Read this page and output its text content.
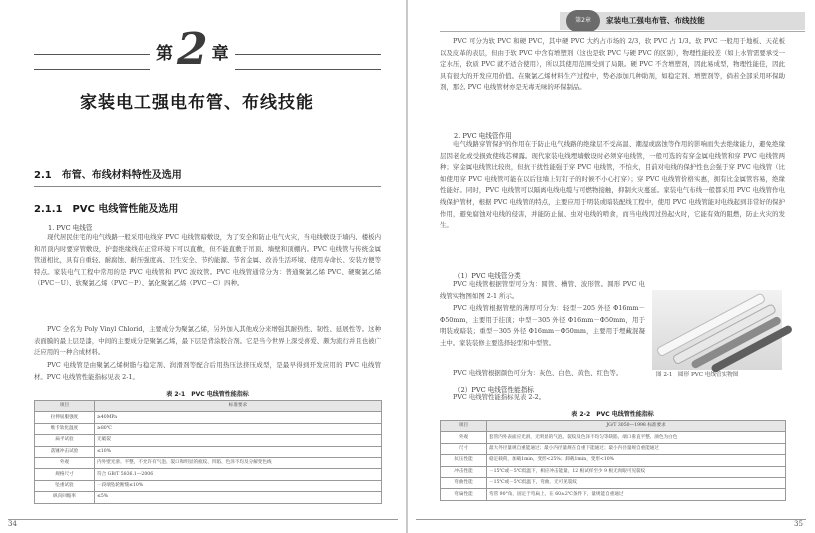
第 2 章
家装电工强电布管、布线技能
2.1　布管、布线材料特性及选用
2.1.1　PVC 电线管性能及选用
1. PVC 电线管
现代居民住宅的电气线路一般采用电线穿 PVC 电线管暗敷设，为了安全和防止电气火灾，当电线敷设于墙内、楼板内和吊顶内时要穿管敷设，护套绝缘线在正常环境下可以直敷，但不能直敷于吊顶、墙壁和顶棚内。PVC 电线管与传统金属管道相比，具有自重轻、耐腐蚀、耐压强度高、卫生安全、节约能源、节省金属、改善生活环境、使用寿命长、安装方便等特点。家装电气工程中常用的是 PVC 电线管和 PVC 波纹管。PVC 电线管通常分为：普通聚氯乙烯 PVC、硬聚氯乙烯（PVC－U）、软聚氯乙烯（PVC－P）、氯化聚氯乙烯（PVC－C）四种。
PVC 全名为 Poly Vinyl Chlorid，主要成分为聚氯乙烯，另外加入其他成分来增强其耐热性、韧性、延展性等。这种表面膜的最上层是漆，中间的主要成分是聚氯乙烯，最下层是背涂胶合剂。它是当今世界上深受喜爱、颇为流行并且也被广泛应用的一种合成材料。
PVC 电线管是由聚氯乙烯树脂与稳定剂、润滑剂等配合后用热压法挤压成型，是最早得到开发应用的 PVC 电线管材。PVC 电线管性能指标见表 2-1。
表 2-1　PVC 电线管性能指标
项目	标准要求
拉伸屈服强度	≥40MPa
维卡软化温度	≥80℃
扁平试验	无破裂
落锤冲击试验	≤10%
外观	内外壁光滑、平整，不允许有气泡、裂口和明显的痕纹、凹陷、色泽不均及分解变色线
规格尺寸	符合 GB/T 5836.1—2006
坠重试验	一段端坠轮断缝≤10%
纵向回缩率	≤5%
34
第2章	家装电工强电布管、布线技能
PVC 可分为软 PVC 和硬 PVC，其中硬 PVC 大约占市场的 2/3，软 PVC 占 1/3。软 PVC 一般用于地板、天花板以及皮革的表层，但由于软 PVC 中含有增塑剂（这也是软 PVC 与硬 PVC 的区别），物理性能较差（如上水管需要承受一定水压，软质 PVC 就不适合使用），所以其使用范围受到了局限。硬 PVC 不含增塑剂，因此易成型，物理性能佳，因此具有很大的开发应用价值。在聚氯乙烯材料生产过程中，势必添加几种助剂，如稳定剂、增塑剂等，倘若全部采用环保助剂，那么 PVC 电线管材亦是无毒无味的环保制品。
2. PVC 电线管作用
电气线路穿管保护的作用在于防止电气线路的绝缘层不受高温、潮湿或腐蚀等作用的影响而失去绝缘能力，避免绝缘层因老化或受损致使线芯裸露。现代家装电线埋墙敷设时必须穿电线管，一般可选的有穿金属电线管和穿 PVC 电线管两种；穿金属电线管比较贵，但抗干扰性能强于穿 PVC 电线管，不怕火，目前对电线的保护性也会强于穿 PVC 电线管（比如使用穿 PVC 电线管可能在以后往墙上钉钉子的时候不小心打穿）；穿 PVC 电线管价格实惠，拥有比金属管容易，绝缘性能好。同时，PVC 电线管可以隔离电线电缆与可燃物接触，抑制火灾蔓延。家装电气布线一般都采用 PVC 电线管作电线保护管材，根据 PVC 电线管的特点，主要应用于明装或暗装配线工程中，使用 PVC 电线管能对电线起到非常好的保护作用，避免腐蚀对电线的侵害，并能防止鼠、虫对电线的啃食，而当电线因过热起火时，它能有效的阻燃，防止火灾的发生。
（1）PVC 电线管分类
PVC 电线管根据管型可分为：圆管、槽管、波形管。圆形 PVC 电线管实物图如图 2-1 所示。
PVC 电线管根据管壁的薄厚可分为：轻型－205 外径 Φ16mm－Φ50mm，主要用于挂顶；中型－305 外径 Φ16mm－Φ50mm，用于明装或暗装；重型－305 外径 Φ16mm－Φ50mm，主要用于埋藏混凝土中。家装装修主要选择轻型和中型管。
图 2-1　圆形 PVC 电线管实物图
PVC 电线管根据颜色可分为：灰色、白色、黄色、红色等。
（2）PVC 电线管性能指标
PVC 电线管性能指标见表 2-2。
表 2-2　PVC 电线管性能指标
项目	JG/T 3050—1998 标准要求
外观	套管内外表面应光滑，无明显的气泡、裂纹及色泽不均匀等缺陷，端口垂直平整、颜色为白色
尺寸	最大外径量规自重能通过；最小内径量规在自重下能通过；最小内径量规自重能通过
抗压性能	稳定载荷，加载1min，变形<25%；卸载1min，变形<10%
冲击性能	－15℃或－5℃低温下，相应冲击能量，12 根试样至少 9 根无肉眼可见裂纹
弯曲性能	－15℃或－5℃低温下，弯曲，无可见裂纹
弯扁性能	弯管 90°角，固定于弯扁上，在 60±2℃条件下，量规能自重通过
35
